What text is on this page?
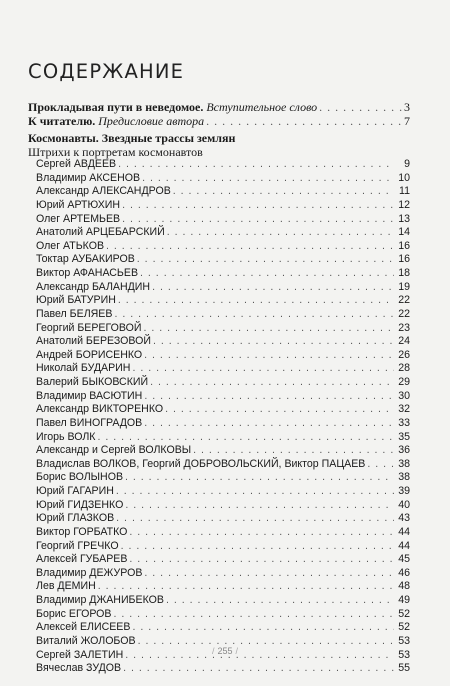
СОДЕРЖАНИЕ
Прокладывая пути в неведомое. Вступительное слово . . .	3
К читателю. Предисловие автора . . .	7
Космонавты. Звездные трассы землян
Штрихи к портретам космонавтов
Сергей АВДЕЕВ . . .	9
Владимир АКСЕНОВ . . .	10
Александр АЛЕКСАНДРОВ . . .	11
Юрий АРТЮХИН . . .	12
Олег АРТЕМЬЕВ . . .	13
Анатолий АРЦЕБАРСКИЙ . . .	14
Олег АТЬКОВ . . .	16
Токтар АУБАКИРОВ . . .	16
Виктор АФАНАСЬЕВ . . .	18
Александр БАЛАНДИН . . .	19
Юрий БАТУРИН . . .	22
Павел БЕЛЯЕВ . . .	22
Георгий БЕРЕГОВОЙ . . .	23
Анатолий БЕРЕЗОВОЙ . . .	24
Андрей БОРИСЕНКО . . .	26
Николай БУДАРИН . . .	28
Валерий БЫКОВСКИЙ . . .	29
Владимир ВАСЮТИН . . .	30
Александр ВИКТОРЕНКО . . .	32
Павел ВИНОГРАДОВ . . .	33
Игорь ВОЛК . . .	35
Александр и Сергей ВОЛКОВЫ . . .	36
Владислав ВОЛКОВ, Георгий ДОБРОВОЛЬСКИЙ, Виктор ПАЦАЕВ . . .	38
Борис ВОЛЫНОВ . . .	38
Юрий ГАГАРИН . . .	39
Юрий ГИДЗЕНКО . . .	40
Юрий ГЛАЗКОВ . . .	43
Виктор ГОРБАТКО . . .	44
Георгий ГРЕЧКО . . .	44
Алексей ГУБАРЕВ . . .	45
Владимир ДЕЖУРОВ . . .	46
Лев ДЕМИН . . .	48
Владимир ДЖАНИБЕКОВ . . .	49
Борис ЕГОРОВ . . .	52
Алексей ЕЛИСЕЕВ . . .	52
Виталий ЖОЛОБОВ . . .	53
Сергей ЗАЛЕТИН . . .	53
Вячеслав ЗУДОВ . . .	55
/ 255 /
